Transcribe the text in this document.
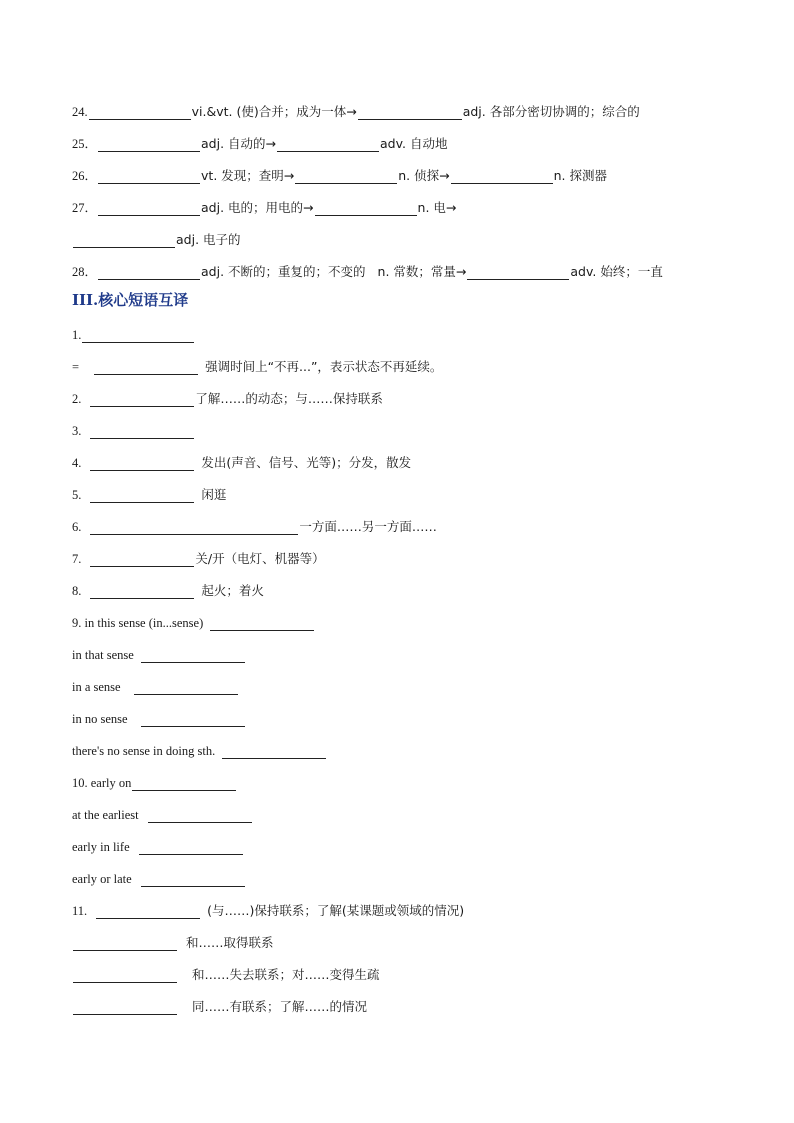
24.	vi.&vt. (使)合并；成为一体→	adj. 各部分密切协调的；综合的
25．	adj. 自动的→	adv. 自动地
26．	vt. 发现；查明→	n. 侦探→	n. 探测器
27．	adj. 电的；用电的→	n. 电→
adj. 电子的
28．	adj. 不断的；重复的；不变的 n. 常数；常量→	adv. 始终；一直
III.核心短语互译
1.
=	强调时间上“不再...”，表示状态不再延续。
2.	了解……的动态；与……保持联系
3.
4.	发出(声音、信号、光等)；分发，散发
5.	闲逛
6.	一方面……另一方面……
7.	关/开（电灯、机器等）
8.	起火；着火
9. in this sense (in...sense)
in that sense
in a sense
in no sense
there's no sense in doing sth.
10. early on
at the earliest
early in life
early or late
11.	(与……)保持联系；了解(某课题或领域的情况)
和……取得联系
和……失去联系；对……变得生疏
同……有联系；了解……的情况
